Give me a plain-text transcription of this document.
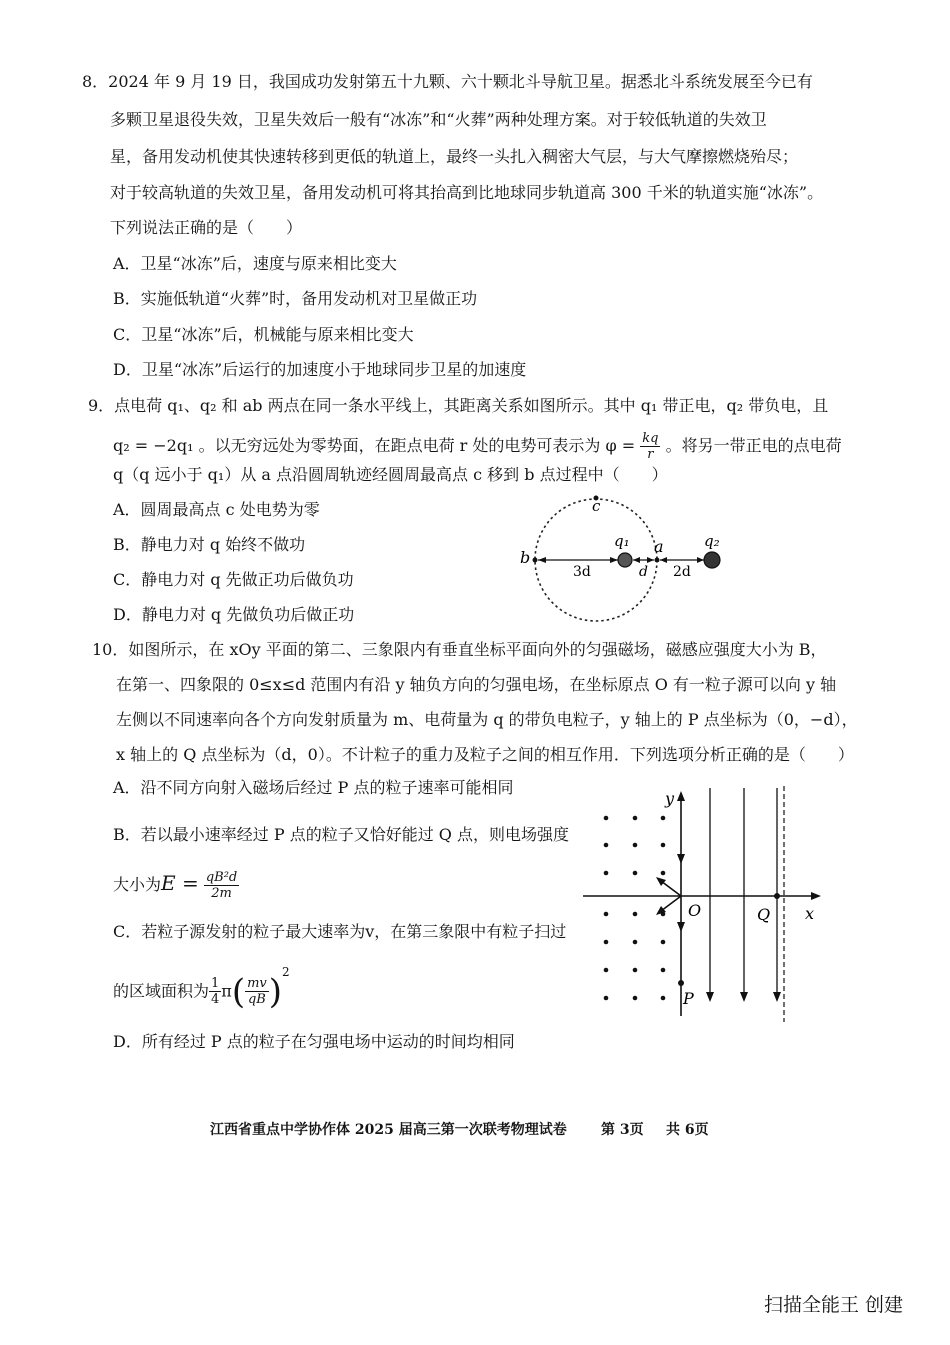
8．2024 年 9 月 19 日，我国成功发射第五十九颗、六十颗北斗导航卫星。据悉北斗系统发展至今已有
多颗卫星退役失效，卫星失效后一般有“冰冻”和“火葬”两种处理方案。对于较低轨道的失效卫
星，备用发动机使其快速转移到更低的轨道上，最终一头扎入稠密大气层，与大气摩擦燃烧殆尽；
对于较高轨道的失效卫星，备用发动机可将其抬高到比地球同步轨道高 300 千米的轨道实施“冰冻”。
下列说法正确的是（　　）
A．卫星“冰冻”后，速度与原来相比变大
B．实施低轨道“火葬”时，备用发动机对卫星做正功
C．卫星“冰冻”后，机械能与原来相比变大
D．卫星“冰冻”后运行的加速度小于地球同步卫星的加速度
9．点电荷 q₁、q₂ 和 ab 两点在同一条水平线上，其距离关系如图所示。其中 q₁ 带正电，q₂ 带负电，且
q₂ = −2q₁ 。以无穷远处为零势面，在距点电荷 r 处的电势可表示为 $\varphi = \frac{kq}{r}$ 。将另一带正电的点电荷
q（q 远小于 q₁）从 a 点沿圆周轨迹经圆周最高点 c 移到 b 点过程中（　　）
A．圆周最高点 c 处电势为零
B．静电力对 q 始终不做功
C．静电力对 q 先做正功后做负功
D．静电力对 q 先做负功后做正功
c
b
3d
q₁
d
a
2d
q₂
10．如图所示，在 xOy 平面的第二、三象限内有垂直坐标平面向外的匀强磁场，磁感应强度大小为 B，
在第一、四象限的 0≤x≤d 范围内有沿 y 轴负方向的匀强电场，在坐标原点 O 有一粒子源可以向 y 轴
左侧以不同速率向各个方向发射质量为 m、电荷量为 q 的带负电粒子，y 轴上的 P 点坐标为（0，−d），
x 轴上的 Q 点坐标为（d，0）。不计粒子的重力及粒子之间的相互作用．下列选项分析正确的是（　　）
A．沿不同方向射入磁场后经过 P 点的粒子速率可能相同
B．若以最小速率经过 P 点的粒子又恰好能过 Q 点，则电场强度
大小为$E = \frac{\text{qB²d}}{2m}$
C．若粒子源发射的粒子最大速率为v，在第三象限中有粒子扫过
的区域面积为 $\frac{1}{4} \pi( \frac{mv}{qB} )^2$
D．所有经过 P 点的粒子在匀强电场中运动的时间均相同
x
y
Q
O
P
江西省重点中学协作体 2025 届高三第一次联考物理试卷 第 3页 共 6页
扫描全能王 创建
